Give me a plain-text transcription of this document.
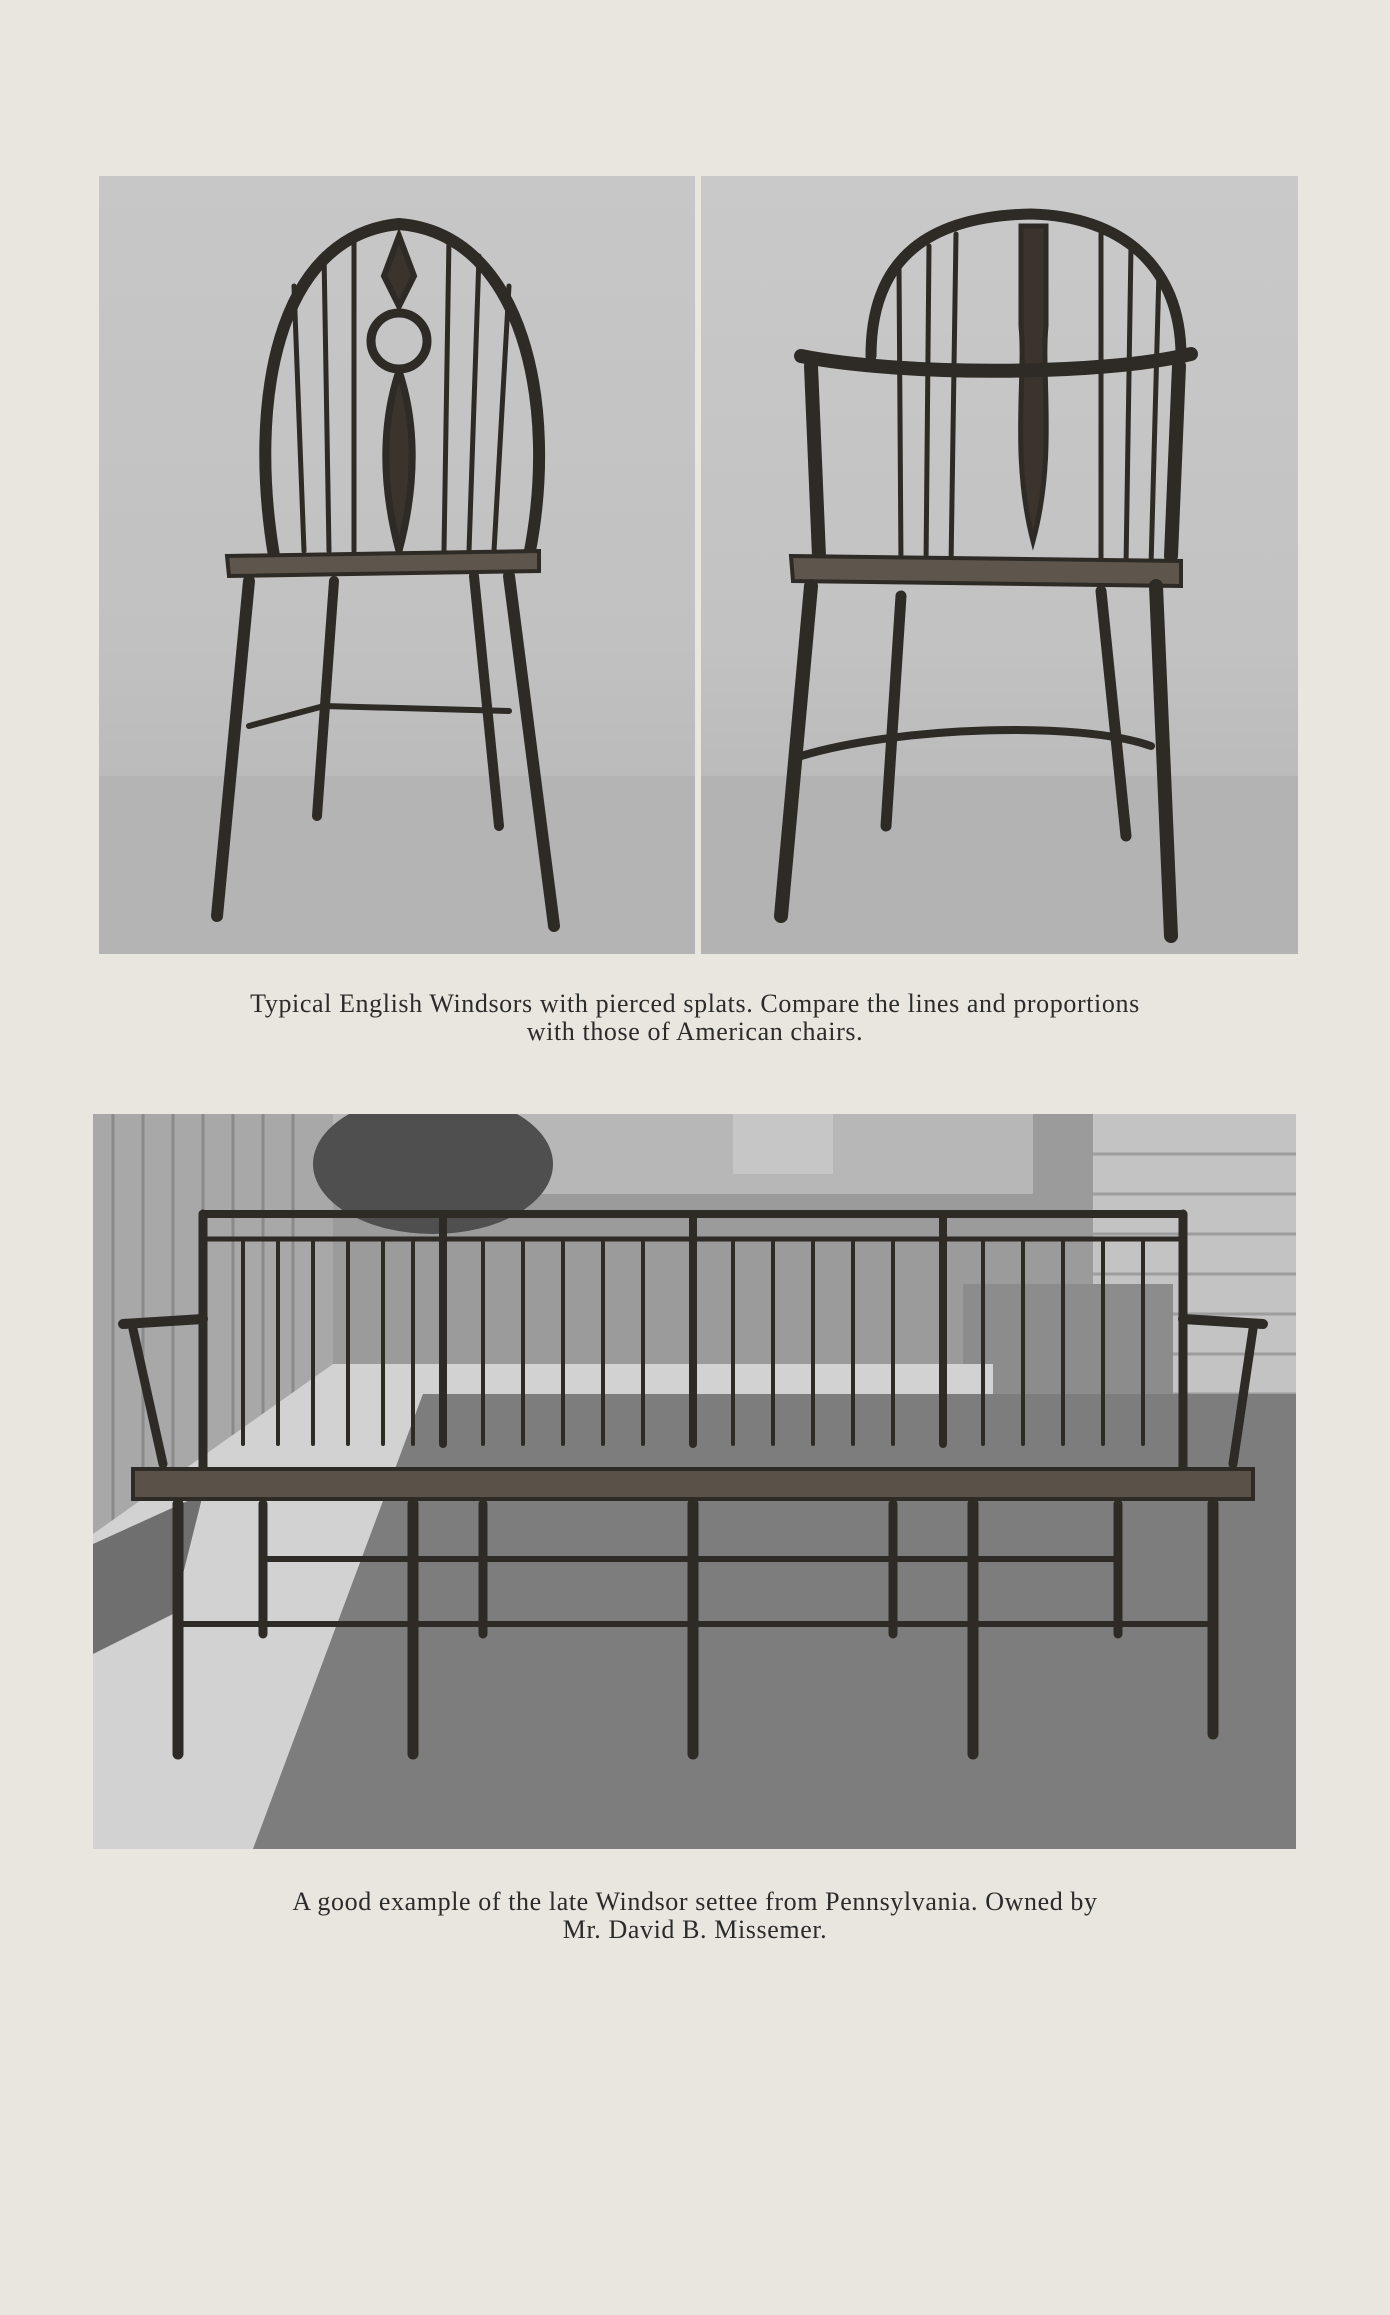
Typical English Windsors with pierced splats. Compare the lines and proportions
with those of American chairs.
A good example of the late Windsor settee from Pennsylvania. Owned by
Mr. David B. Missemer.
